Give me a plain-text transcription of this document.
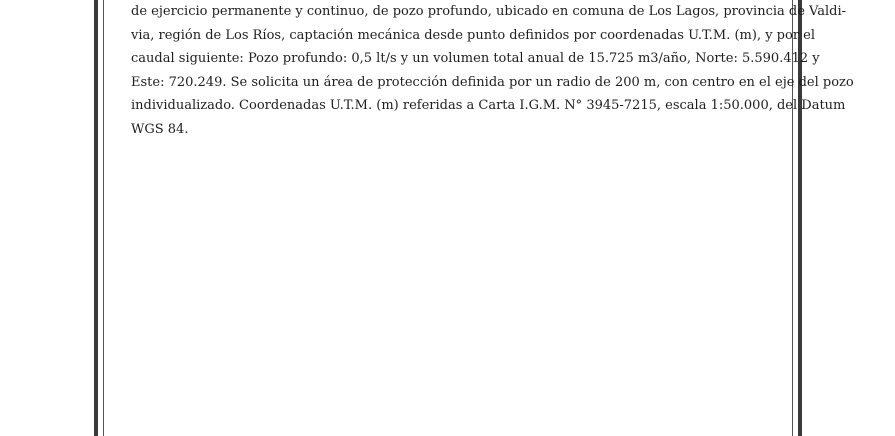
de ejercicio permanente y continuo, de pozo profundo, ubicado en comuna de Los Lagos, provincia de Valdi-
via, región de Los Ríos, captación mecánica desde punto definidos por coordenadas U.T.M. (m), y por el
caudal siguiente: Pozo profundo: 0,5 lt/s y un volumen total anual de 15.725 m3/año, Norte: 5.590.412 y
Este: 720.249. Se solicita un área de protección definida por un radio de 200 m, con centro en el eje del pozo
individualizado. Coordenadas U.T.M. (m) referidas a Carta I.G.M. N° 3945-7215, escala 1:50.000, del Datum
WGS 84.
